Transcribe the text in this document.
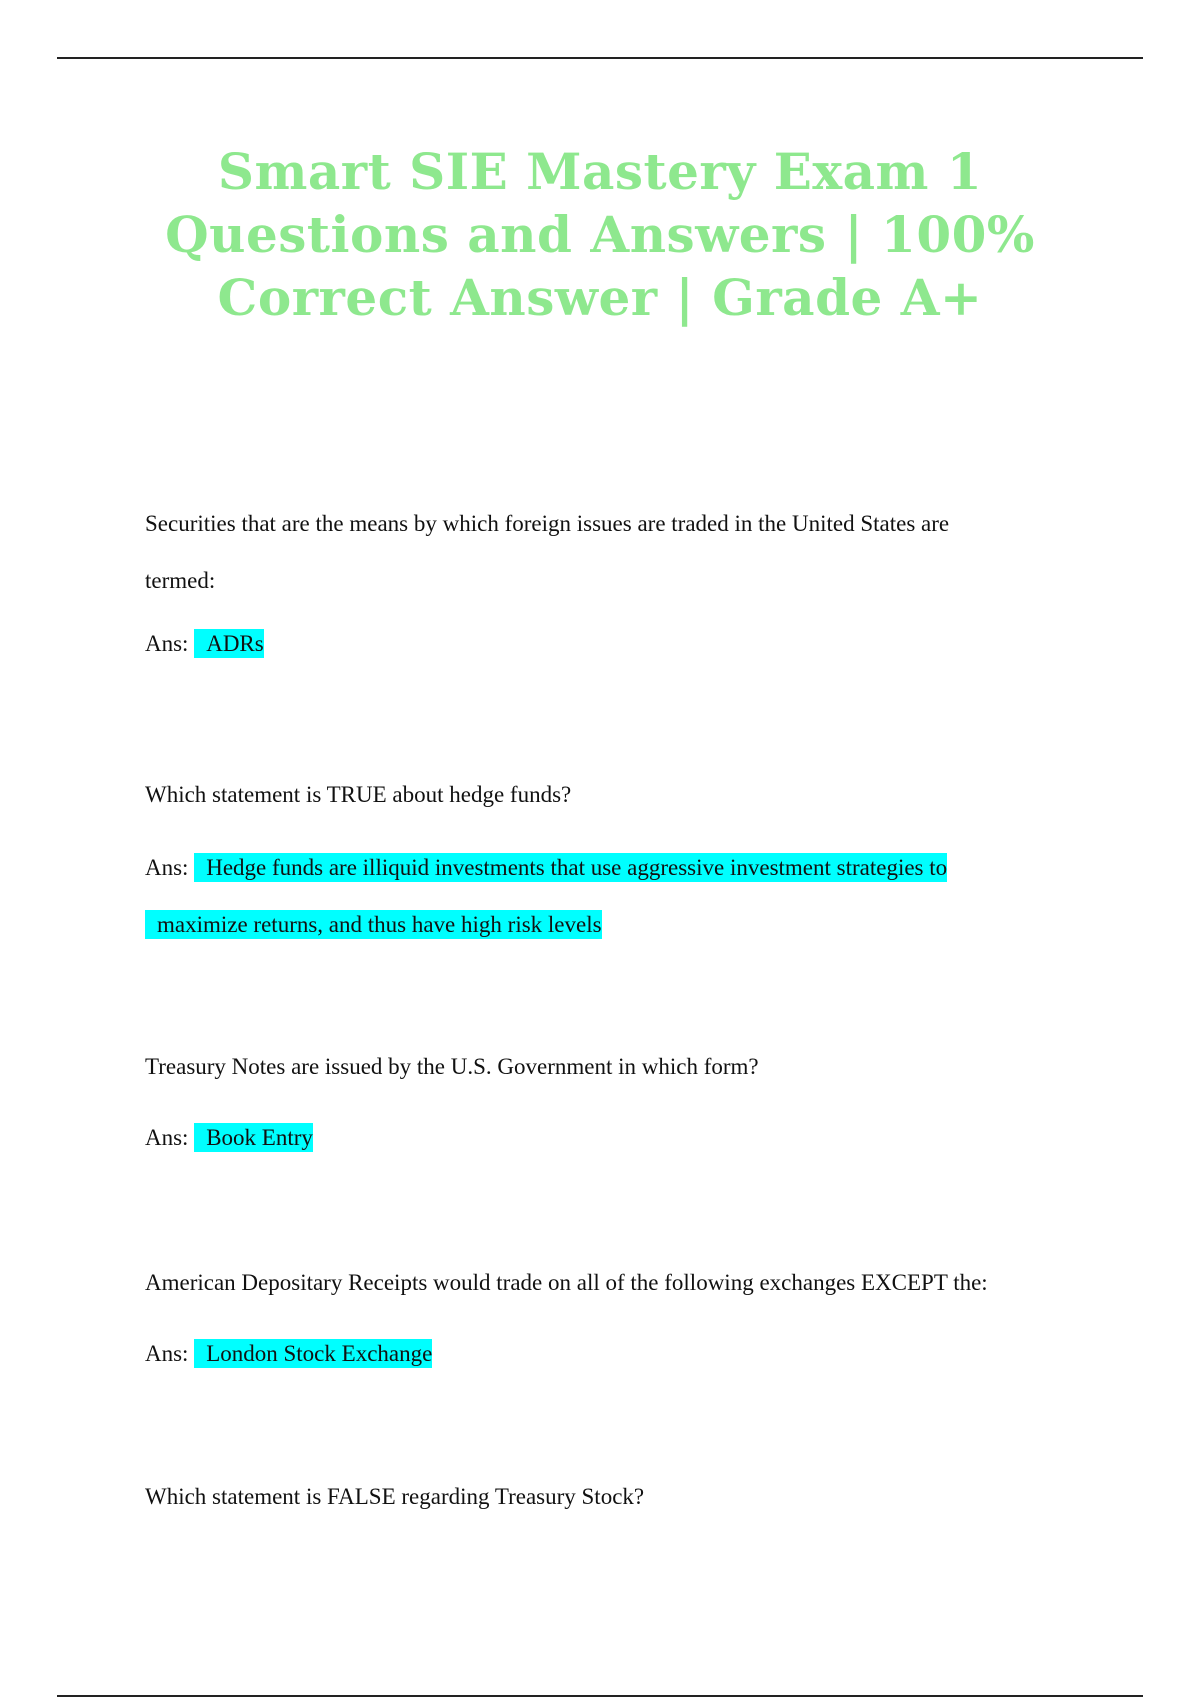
Smart SIE Mastery Exam 1
Questions and Answers | 100%
Correct Answer | Grade A+

Securities that are the means by which foreign issues are traded in the United States are termed:

Ans: ADRs

Which statement is TRUE about hedge funds?

Ans: Hedge funds are illiquid investments that use aggressive investment strategies to maximize returns, and thus have high risk levels

Treasury Notes are issued by the U.S. Government in which form?

Ans: Book Entry

American Depositary Receipts would trade on all of the following exchanges EXCEPT the:

Ans: London Stock Exchange

Which statement is FALSE regarding Treasury Stock?
